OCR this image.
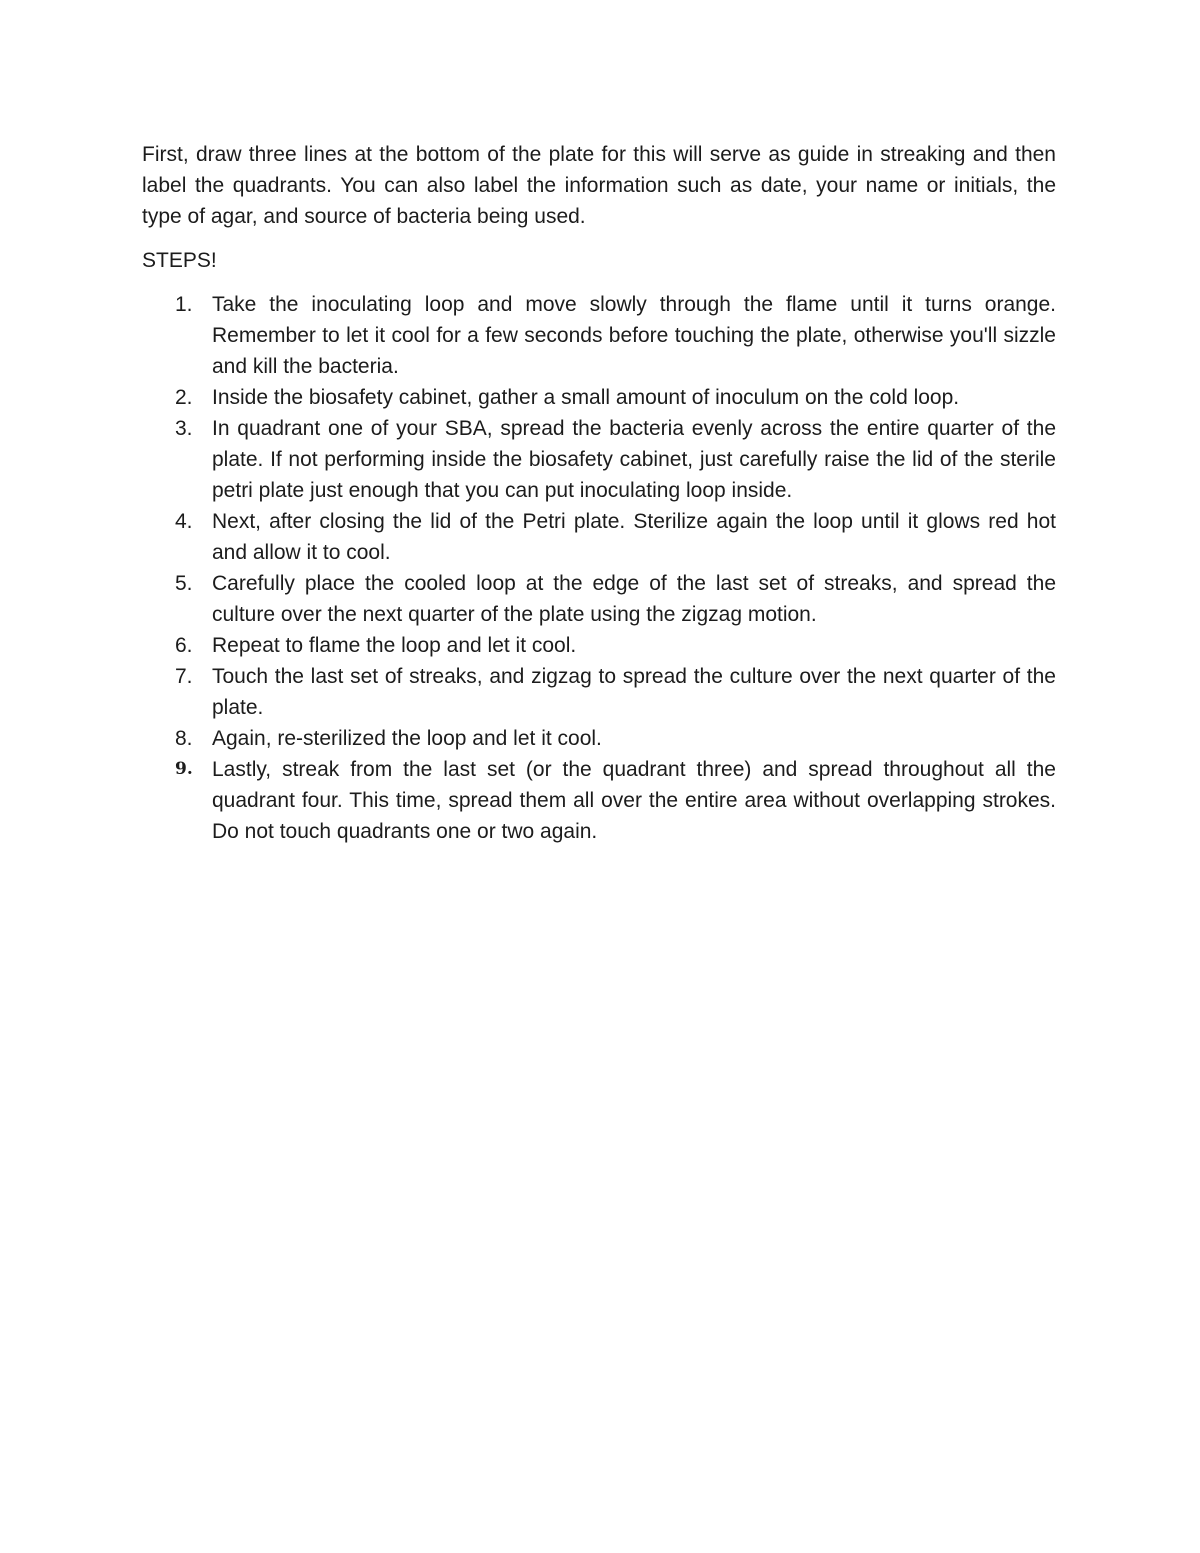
First, draw three lines at the bottom of the plate for this will serve as guide in streaking and then label the quadrants. You can also label the information such as date, your name or initials, the type of agar, and source of bacteria being used.

STEPS!

1. Take the inoculating loop and move slowly through the flame until it turns orange. Remember to let it cool for a few seconds before touching the plate, otherwise you'll sizzle and kill the bacteria.
2. Inside the biosafety cabinet, gather a small amount of inoculum on the cold loop.
3. In quadrant one of your SBA, spread the bacteria evenly across the entire quarter of the plate. If not performing inside the biosafety cabinet, just carefully raise the lid of the sterile petri plate just enough that you can put inoculating loop inside.
4. Next, after closing the lid of the Petri plate. Sterilize again the loop until it glows red hot and allow it to cool.
5. Carefully place the cooled loop at the edge of the last set of streaks, and spread the culture over the next quarter of the plate using the zigzag motion.
6. Repeat to flame the loop and let it cool.
7. Touch the last set of streaks, and zigzag to spread the culture over the next quarter of the plate.
8. Again, re-sterilized the loop and let it cool.
9. Lastly, streak from the last set (or the quadrant three) and spread throughout all the quadrant four. This time, spread them all over the entire area without overlapping strokes. Do not touch quadrants one or two again.
